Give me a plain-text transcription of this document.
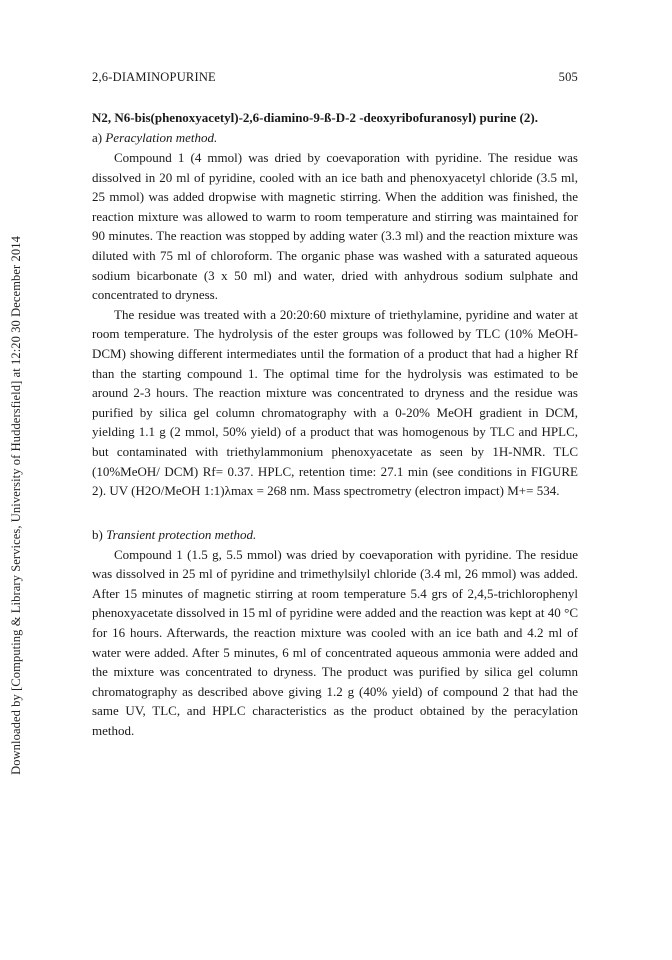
Downloaded by [Computing & Library Services, University of Huddersfield] at 12:20 30 December 2014
2,6-DIAMINOPURINE	505
N2, N6-bis(phenoxyacetyl)-2,6-diamino-9-ß-D-2 -deoxyribofuranosyl) purine (2).
a) Peracylation method.

Compound 1 (4 mmol) was dried by coevaporation with pyridine. The residue was dissolved in 20 ml of pyridine, cooled with an ice bath and phenoxyacetyl chloride (3.5 ml, 25 mmol) was added dropwise with magnetic stirring. When the addition was finished, the reaction mixture was allowed to warm to room temperature and stirring was maintained for 90 minutes. The reaction was stopped by adding water (3.3 ml) and the reaction mixture was diluted with 75 ml of chloroform. The organic phase was washed with a saturated aqueous sodium bicarbonate (3 x 50 ml) and water, dried with anhydrous sodium sulphate and concentrated to dryness.

The residue was treated with a 20:20:60 mixture of triethylamine, pyridine and water at room temperature. The hydrolysis of the ester groups was followed by TLC (10% MeOH-DCM) showing different intermediates until the formation of a product that had a higher Rf than the starting compound 1. The optimal time for the hydrolysis was estimated to be around 2-3 hours. The reaction mixture was concentrated to dryness and the residue was purified by silica gel column chromatography with a 0-20% MeOH gradient in DCM, yielding 1.1 g (2 mmol, 50% yield) of a product that was homogenous by TLC and HPLC, but contaminated with triethylammonium phenoxyacetate as seen by 1H-NMR. TLC (10%MeOH/ DCM) Rf= 0.37. HPLC, retention time: 27.1 min (see conditions in FIGURE 2). UV (H2O/MeOH 1:1)λmax = 268 nm. Mass spectrometry (electron impact) M+= 534.

b) Transient protection method.

Compound 1 (1.5 g, 5.5 mmol) was dried by coevaporation with pyridine. The residue was dissolved in 25 ml of pyridine and trimethylsilyl chloride (3.4 ml, 26 mmol) was added. After 15 minutes of magnetic stirring at room temperature 5.4 grs of 2,4,5-trichlorophenyl phenoxyacetate dissolved in 15 ml of pyridine were added and the reaction was kept at 40 °C for 16 hours. Afterwards, the reaction mixture was cooled with an ice bath and 4.2 ml of water were added. After 5 minutes, 6 ml of concentrated aqueous ammonia were added and the mixture was concentrated to dryness. The product was purified by silica gel column chromatography as described above giving 1.2 g (40% yield) of compound 2 that had the same UV, TLC, and HPLC characteristics as the product obtained by the peracylation method.
